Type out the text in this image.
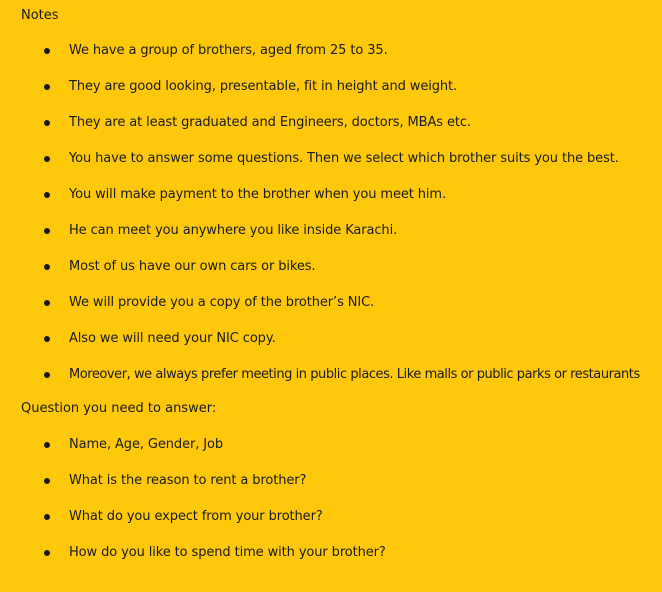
Notes
We have a group of brothers, aged from 25 to 35.
They are good looking, presentable, fit in height and weight.
They are at least graduated and Engineers, doctors, MBAs etc.
You have to answer some questions. Then we select which brother suits you the best.
You will make payment to the brother when you meet him.
He can meet you anywhere you like inside Karachi.
Most of us have our own cars or bikes.
We will provide you a copy of the brother’s NIC.
Also we will need your NIC copy.
Moreover, we always prefer meeting in public places. Like malls or public parks or restaurants
Question you need to answer:
Name, Age, Gender, Job
What is the reason to rent a brother?
What do you expect from your brother?
How do you like to spend time with your brother?
